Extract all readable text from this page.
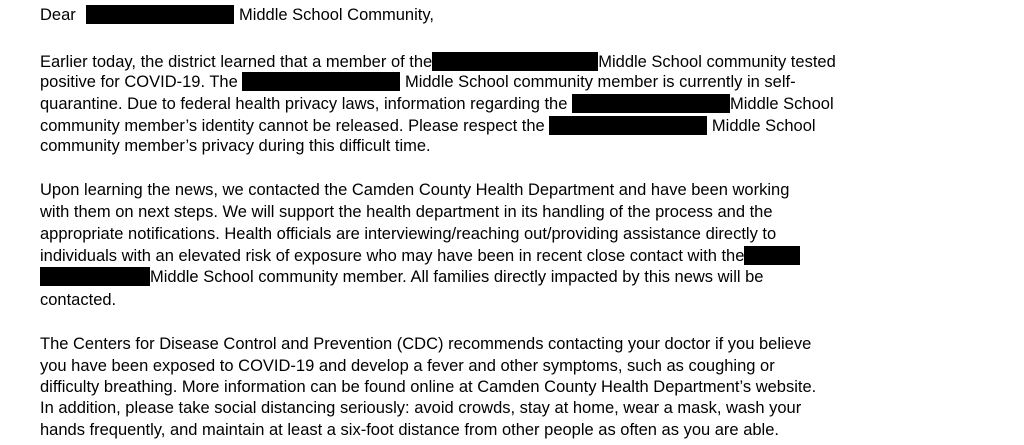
Dear	Middle School Community,
Earlier today, the district learned that a member of the	Middle School community tested
positive for COVID-19. The	Middle School community member is currently in self-
quarantine. Due to federal health privacy laws, information regarding the	Middle School
community member’s identity cannot be released. Please respect the	Middle School
community member’s privacy during this difficult time.
Upon learning the news, we contacted the Camden County Health Department and have been working
with them on next steps. We will support the health department in its handling of the process and the
appropriate notifications. Health officials are interviewing/reaching out/providing assistance directly to
individuals with an elevated risk of exposure who may have been in recent close contact with the
Middle School community member. All families directly impacted by this news will be
contacted.
The Centers for Disease Control and Prevention (CDC) recommends contacting your doctor if you believe
you have been exposed to COVID-19 and develop a fever and other symptoms, such as coughing or
difficulty breathing. More information can be found online at Camden County Health Department’s website.
In addition, please take social distancing seriously: avoid crowds, stay at home, wear a mask, wash your
hands frequently, and maintain at least a six-foot distance from other people as often as you are able.
